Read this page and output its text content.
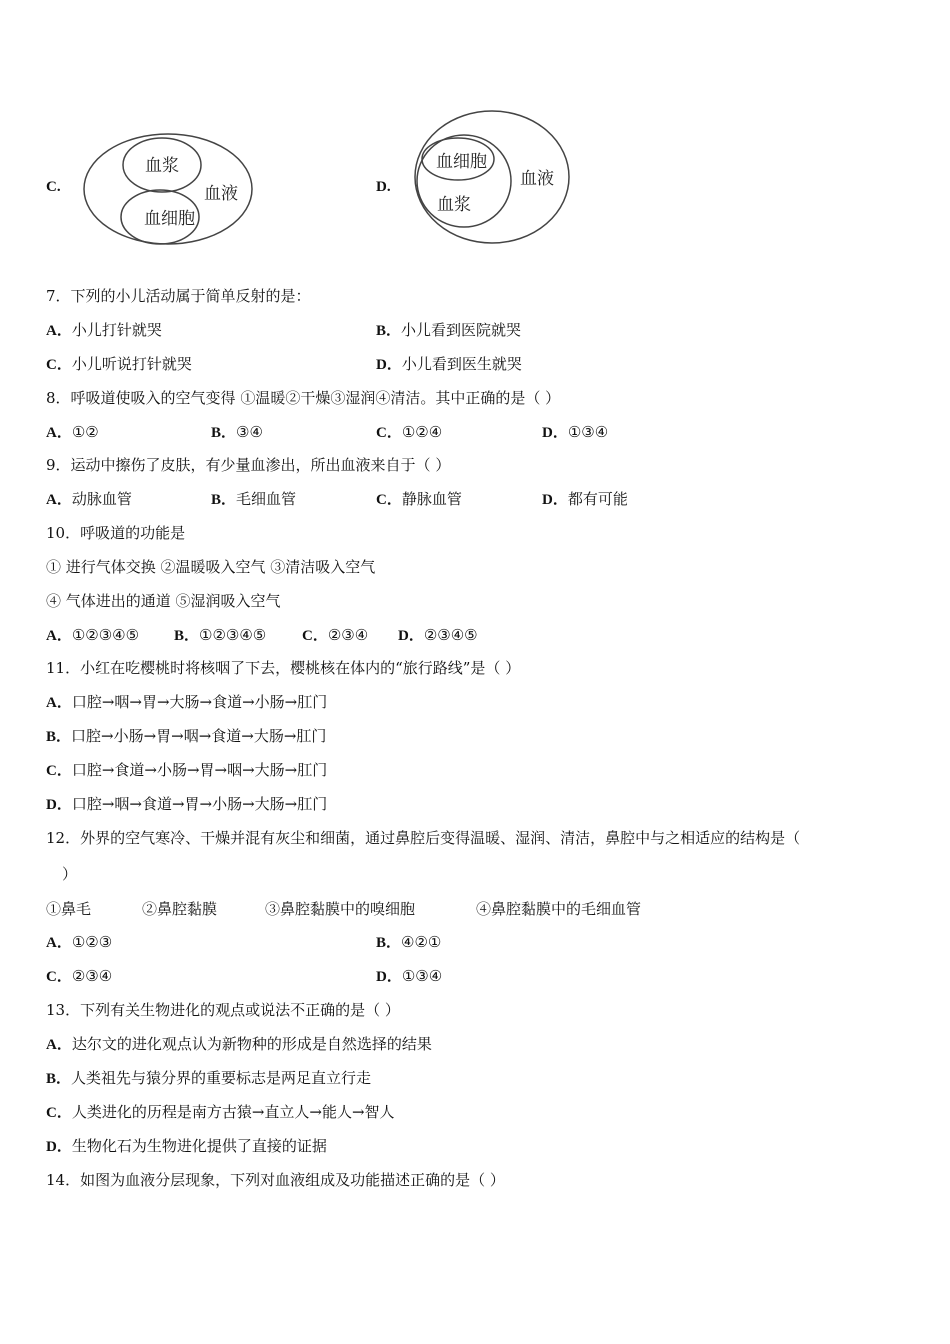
C.
血浆
血细胞
血液	D.
血细胞
血浆
血液
7．下列的小儿活动属于简单反射的是：
A．小儿打针就哭	B．小儿看到医院就哭
C．小儿听说打针就哭	D．小儿看到医生就哭
8．呼吸道使吸入的空气变得 ①温暖②干燥③湿润④清洁。其中正确的是（ ）
A．①②	B．③④	C．①②④	D．①③④
9．运动中擦伤了皮肤，有少量血渗出，所出血液来自于（ ）
A．动脉血管	B．毛细血管	C．静脉血管	D．都有可能
10．呼吸道的功能是
① 进行气体交换 ②温暖吸入空气 ③清洁吸入空气
④ 气体进出的通道 ⑤湿润吸入空气
A．①②③④⑤ B．①②③④⑤ C．②③④ D．②③④⑤
11．小红在吃樱桃时将核咽了下去，樱桃核在体内的“旅行路线”是（ ）
A．口腔→咽→胃→大肠→食道→小肠→肛门
B．口腔→小肠→胃→咽→食道→大肠→肛门
C．口腔→食道→小肠→胃→咽→大肠→肛门
D．口腔→咽→食道→胃→小肠→大肠→肛门
12．外界的空气寒冷、干燥并混有灰尘和细菌，通过鼻腔后变得温暖、湿润、清洁，鼻腔中与之相适应的结构是（
）
①鼻毛	②鼻腔黏膜	③鼻腔黏膜中的嗅细胞	④鼻腔黏膜中的毛细血管
A．①②③	B．④②①
C．②③④	D．①③④
13．下列有关生物进化的观点或说法不正确的是（ ）
A．达尔文的进化观点认为新物种的形成是自然选择的结果
B．人类祖先与猿分界的重要标志是两足直立行走
C．人类进化的历程是南方古猿→直立人→能人→智人
D．生物化石为生物进化提供了直接的证据
14．如图为血液分层现象，下列对血液组成及功能描述正确的是（ ）
